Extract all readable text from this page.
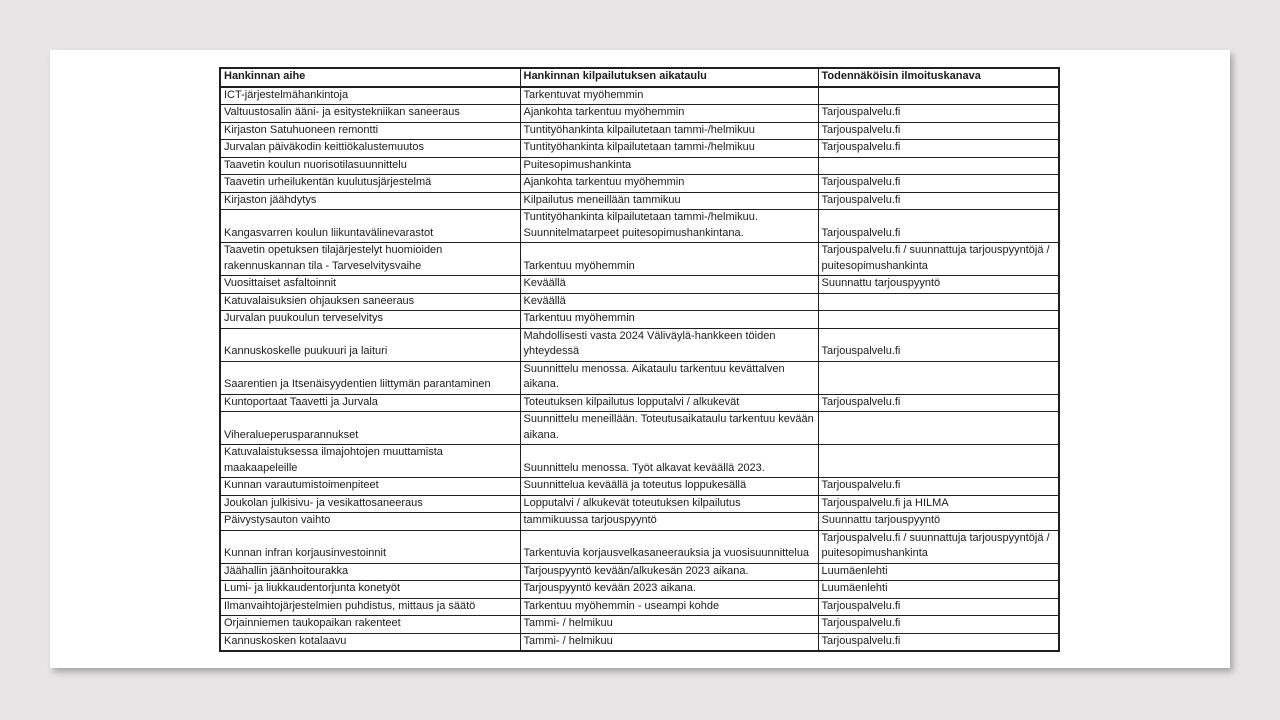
Hankinnan aihe	Hankinnan kilpailutuksen aikataulu	Todennäköisin ilmoituskanava
ICT-järjestelmähankintoja	Tarkentuvat myöhemmin	
Valtuustosalin ääni- ja esitystekniikan saneeraus	Ajankohta tarkentuu myöhemmin	Tarjouspalvelu.fi
Kirjaston Satuhuoneen remontti	Tuntityöhankinta kilpailutetaan tammi-/helmikuu	Tarjouspalvelu.fi
Jurvalan päiväkodin keittiökalustemuutos	Tuntityöhankinta kilpailutetaan tammi-/helmikuu	Tarjouspalvelu.fi
Taavetin koulun nuorisotilasuunnittelu	Puitesopimushankinta	
Taavetin urheilukentän kuulutusjärjestelmä	Ajankohta tarkentuu myöhemmin	Tarjouspalvelu.fi
Kirjaston jäähdytys	Kilpailutus meneillään tammikuu	Tarjouspalvelu.fi
Kangasvarren koulun liikuntavälinevarastot	Tuntityöhankinta kilpailutetaan tammi-/helmikuu. Suunnitelmatarpeet puitesopimushankintana.	Tarjouspalvelu.fi
Taavetin opetuksen tilajärjestelyt huomioiden rakennuskannan tila - Tarveselvitysvaihe	Tarkentuu myöhemmin	Tarjouspalvelu.fi / suunnattuja tarjouspyyntöjä / puitesopimushankinta
Vuosittaiset asfaltoinnit	Keväällä	Suunnattu tarjouspyyntö
Katuvalaisuksien ohjauksen saneeraus	Keväällä	
Jurvalan puukoulun terveselvitys	Tarkentuu myöhemmin	
Kannuskoskelle puukuuri ja laituri	Mahdollisesti vasta 2024 Väliväylä-hankkeen töiden yhteydessä	Tarjouspalvelu.fi
Saarentien ja Itsenäisyydentien liittymän parantaminen	Suunnittelu menossa. Aikataulu tarkentuu kevättalven aikana.	
Kuntoportaat Taavetti ja Jurvala	Toteutuksen kilpailutus lopputalvi / alkukevät	Tarjouspalvelu.fi
Viheralueperusparannukset	Suunnittelu meneillään. Toteutusaikataulu tarkentuu kevään aikana.	
Katuvalaistuksessa ilmajohtojen muuttamista maakaapeleille	Suunnittelu menossa. Työt alkavat keväällä 2023.	
Kunnan varautumistoimenpiteet	Suunnittelua keväällä ja toteutus loppukesällä	Tarjouspalvelu.fi
Joukolan julkisivu- ja vesikattosaneeraus	Lopputalvi / alkukevät toteutuksen kilpailutus	Tarjouspalvelu.fi ja HILMA
Päivystysauton vaihto	tammikuussa tarjouspyyntö	Suunnattu tarjouspyyntö
Kunnan infran korjausinvestoinnit	Tarkentuvia korjausvelkasaneerauksia ja vuosisuunnittelua	Tarjouspalvelu.fi / suunnattuja tarjouspyyntöjä / puitesopimushankinta
Jäähallin jäänhoitourakka	Tarjouspyyntö kevään/alkukesän 2023 aikana.	Luumäenlehti
Lumi- ja liukkaudentorjunta konetyöt	Tarjouspyyntö kevään 2023 aikana.	Luumäenlehti
Ilmanvaihtojärjestelmien puhdistus, mittaus ja säätö	Tarkentuu myöhemmin - useampi kohde	Tarjouspalvelu.fi
Orjainniemen taukopaikan rakenteet	Tammi- / helmikuu	Tarjouspalvelu.fi
Kannuskosken kotalaavu	Tammi- / helmikuu	Tarjouspalvelu.fi
